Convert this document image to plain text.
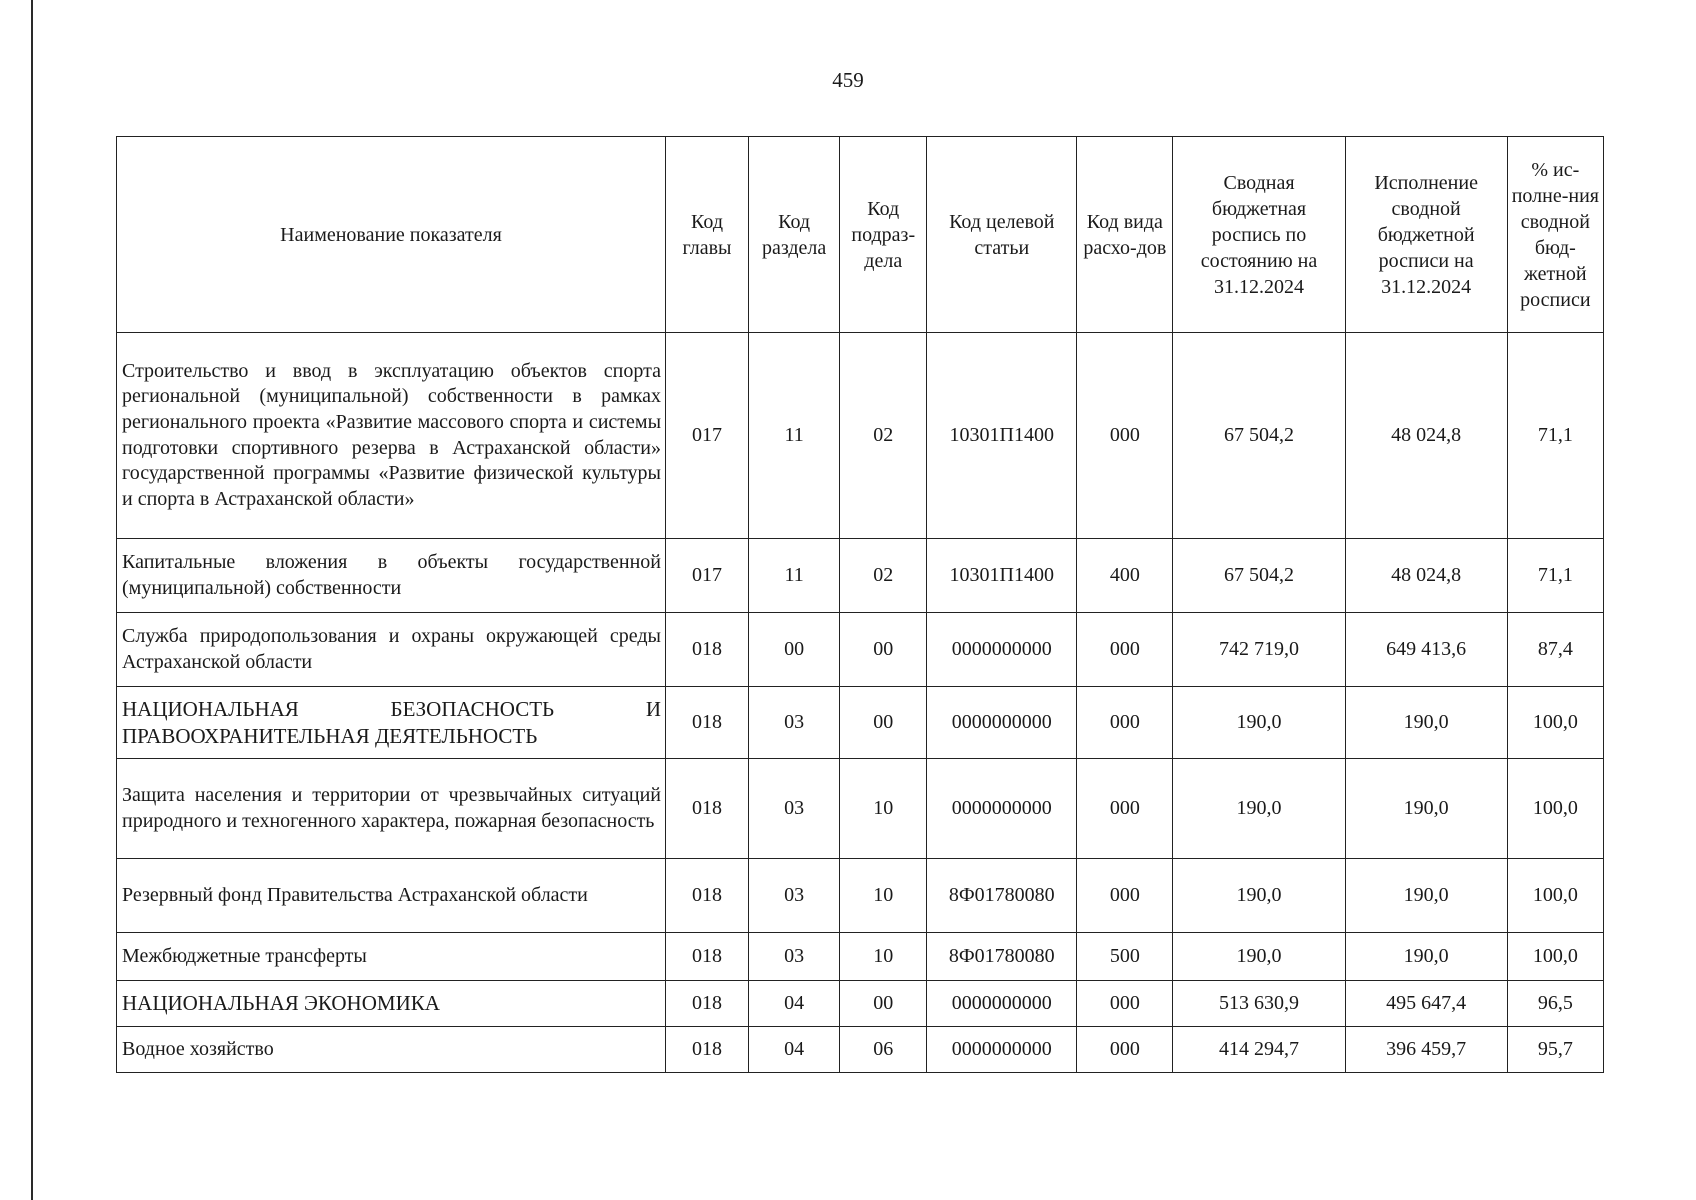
459
Наименование показателя	Код главы	Код раздела	Код подраз-дела	Код целевой статьи	Код вида расхо-дов	Сводная бюджетная роспись по состоянию на 31.12.2024	Исполнение сводной бюджетной росписи на 31.12.2024	% ис-полне-ния сводной бюд-жетной росписи
Строительство и ввод в эксплуатацию объектов спорта региональной (муниципальной) собственности в рамках регионального проекта «Развитие массового спорта и системы подготовки спортивного резерва в Астраханской области» государственной программы «Развитие физической культуры и спорта в Астраханской области»	017	11	02	10301П1400	000	67 504,2	48 024,8	71,1
Капитальные вложения в объекты государственной (муниципальной) собственности	017	11	02	10301П1400	400	67 504,2	48 024,8	71,1
Служба природопользования и охраны окружающей среды Астраханской области	018	00	00	0000000000	000	742 719,0	649 413,6	87,4
НАЦИОНАЛЬНАЯ БЕЗОПАСНОСТЬ И ПРАВООХРАНИТЕЛЬНАЯ ДЕЯТЕЛЬНОСТЬ	018	03	00	0000000000	000	190,0	190,0	100,0
Защита населения и территории от чрезвычайных ситуаций природного и техногенного характера, пожарная безопасность	018	03	10	0000000000	000	190,0	190,0	100,0
Резервный фонд Правительства Астраханской области	018	03	10	8Ф01780080	000	190,0	190,0	100,0
Межбюджетные трансферты	018	03	10	8Ф01780080	500	190,0	190,0	100,0
НАЦИОНАЛЬНАЯ ЭКОНОМИКА	018	04	00	0000000000	000	513 630,9	495 647,4	96,5
Водное хозяйство	018	04	06	0000000000	000	414 294,7	396 459,7	95,7
